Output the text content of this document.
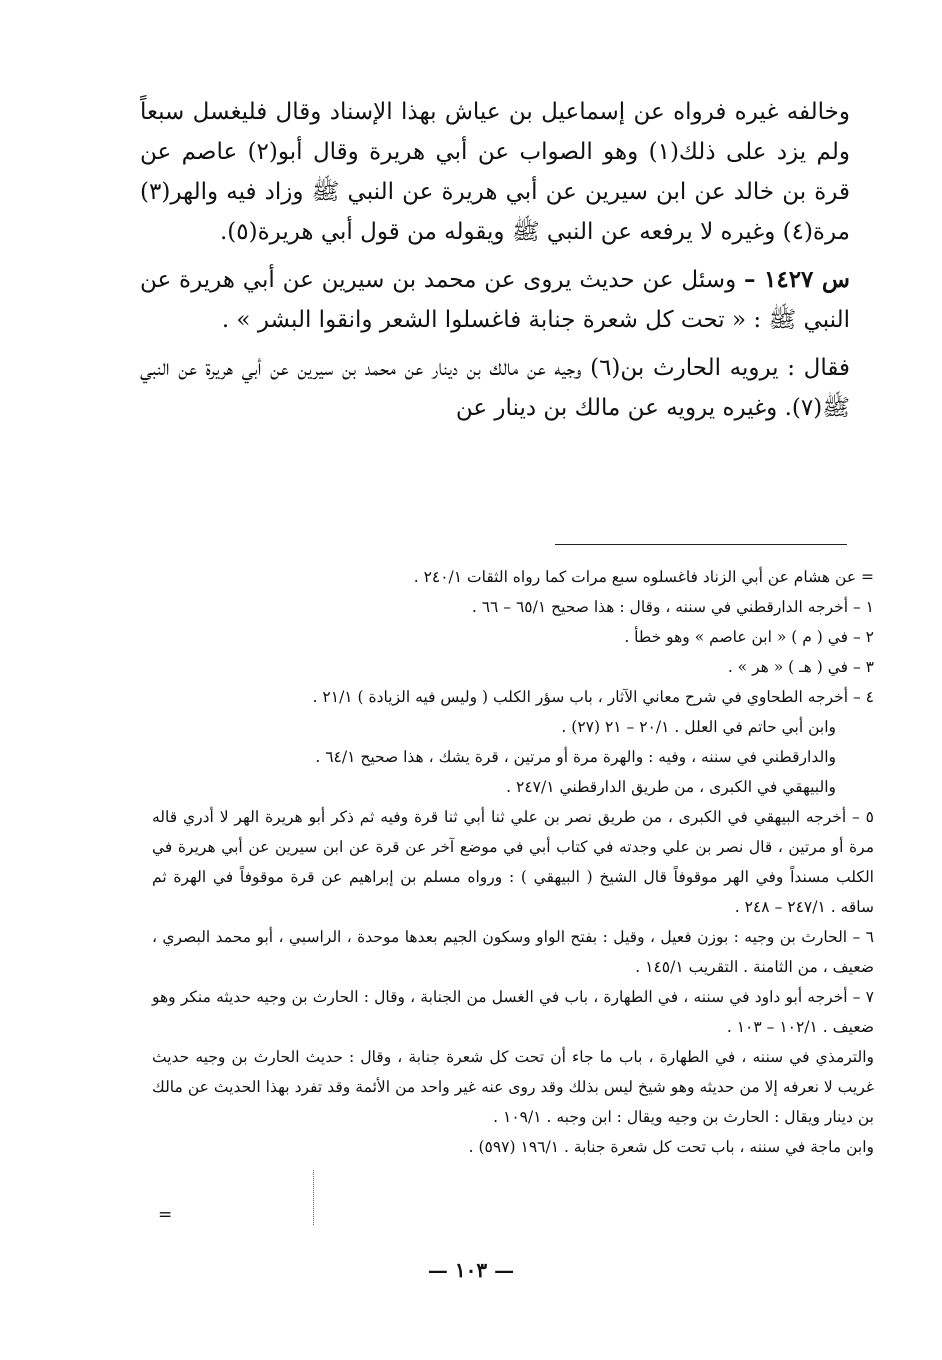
وخالفه غيره فرواه عن إسماعيل بن عياش بهذا الإسناد وقال فليغسل سبعاً ولم يزد على ذلك(١) وهو الصواب عن أبي هريرة وقال أبو(٢) عاصم عن قرة بن خالد عن ابن سيرين عن أبي هريرة عن النبي ﷺ وزاد فيه والهر(٣) مرة(٤) وغيره لا يرفعه عن النبي ﷺ ويقوله من قول أبي هريرة(٥).

س ١٤٢٧ – وسئل عن حديث يروى عن محمد بن سيرين عن أبي هريرة عن النبي ﷺ : « تحت كل شعرة جنابة فاغسلوا الشعر وانقوا البشر » .

فقال : يرويه الحارث بن(٦) وجيه عن مالك بن دينار عن محمد بن سيرين عن أبي هريرة عن النبي ﷺ(٧). وغيره يرويه عن مالك بن دينار عن

= عن هشام عن أبي الزناد فاغسلوه سبع مرات كما رواه الثقات ٢٤٠/١ .

١ – أخرجه الدارقطني في سننه ، وقال : هذا صحيح ٦٥/١ – ٦٦ .

٢ – في ( م ) « ابن عاصم » وهو خطأ .

٣ – في ( هـ ) « هر » .

٤ – أخرجه الطحاوي في شرح معاني الآثار ، باب سؤر الكلب ( وليس فيه الزيادة ) ٢١/١ .

وابن أبي حاتم في العلل . ٢٠/١ – ٢١ (٢٧) .

والدارقطني في سننه ، وفيه : والهرة مرة أو مرتين ، قرة يشك ، هذا صحيح ٦٤/١ .

والبيهقي في الكبرى ، من طريق الدارقطني ٢٤٧/١ .

٥ – أخرجه البيهقي في الكبرى ، من طريق نصر بن علي ثنا أبي ثنا قرة وفيه ثم ذكر أبو هريرة الهر لا أدري قاله مرة أو مرتين ، قال نصر بن علي وجدته في كتاب أبي في موضع آخر عن قرة عن ابن سيرين عن أبي هريرة في الكلب مسنداً وفي الهر موقوفاً قال الشيخ ( البيهقي ) : ورواه مسلم بن إبراهيم عن قرة موقوفاً في الهرة ثم ساقه . ٢٤٧/١ – ٢٤٨ .

٦ – الحارث بن وجيه : بوزن فعيل ، وقيل : بفتح الواو وسكون الجيم بعدها موحدة ، الراسبي ، أبو محمد البصري ، ضعيف ، من الثامنة . التقريب ١٤٥/١ .

٧ – أخرجه أبو داود في سننه ، في الطهارة ، باب في الغسل من الجنابة ، وقال : الحارث بن وجيه حديثه منكر وهو ضعيف . ١٠٢/١ – ١٠٣ .

والترمذي في سننه ، في الطهارة ، باب ما جاء أن تحت كل شعرة جنابة ، وقال : حديث الحارث بن وجيه حديث غريب لا نعرفه إلا من حديثه وهو شيخ ليس بذلك وقد روى عنه غير واحد من الأئمة وقد تفرد بهذا الحديث عن مالك بن دينار ويقال : الحارث بن وجيه ويقال : ابن وجبه . ١٠٩/١ .

وابن ماجة في سننه ، باب تحت كل شعرة جنابة . ١٩٦/١ (٥٩٧) .

=
— ١٠٣ —
